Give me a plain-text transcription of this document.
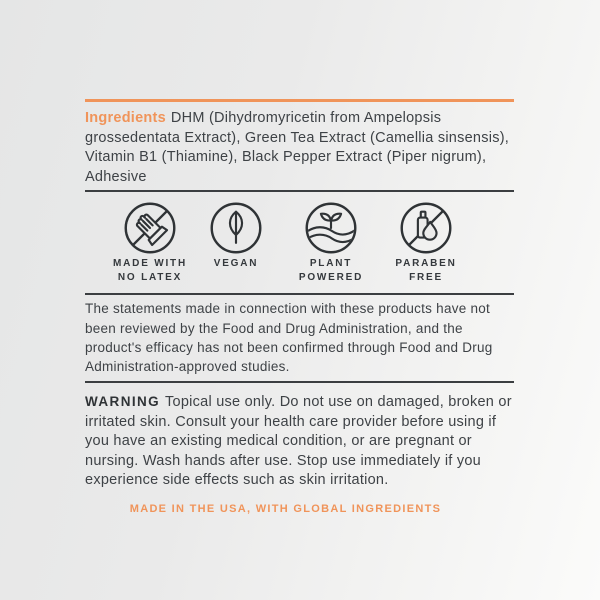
Ingredients DHM (Dihydromyricetin from Ampelopsis grossedentata Extract), Green Tea Extract (Camellia sinsensis), Vitamin B1 (Thiamine), Black Pepper Extract (Piper nigrum), Adhesive

MADE WITH
NO LATEX
VEGAN	PLANT
POWERED
PARABEN
FREE

The statements made in connection with these products have not been reviewed by the Food and Drug Administration, and the product's efficacy has not been confirmed through Food and Drug Administration-approved studies.

WARNING Topical use only. Do not use on damaged, broken or irritated skin. Consult your health care provider before using if you have an existing medical condition, or are pregnant or nursing. Wash hands after use. Stop use immediately if you experience side effects such as skin irritation.

MADE IN THE USA, WITH GLOBAL INGREDIENTS
